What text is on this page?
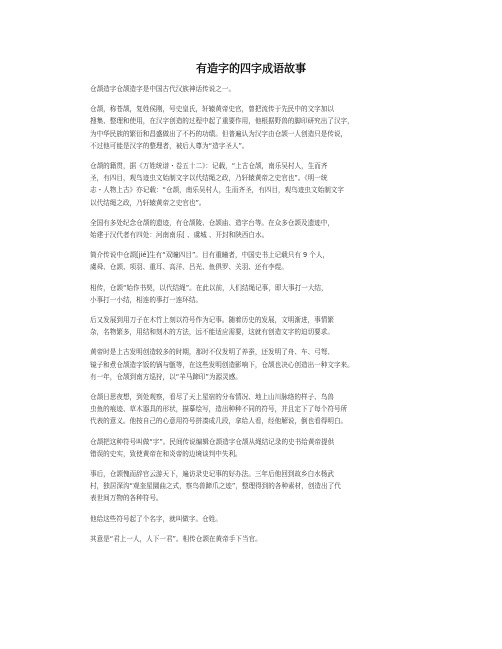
有造字的四字成语故事
仓颉造字仓颉造字是中国古代汉族神话传说之一。
仓颉，称苍颉，复姓侯刚，号史皇氏，轩辕黄帝史官，曾把流传于先民中的文字加以
搜集、整理和使用，在汉字创造的过程中起了重要作用，他根据野兽的脚印研究出了汉字，
为中华民族的繁衍和昌盛做出了不朽的功绩。但普遍认为汉字由仓颉一人创造只是传说，
不过他可能是汉字的整理者，被后人尊为“造字圣人”。
仓颉的籍贯，据《万姓统谱・卷五十二》：记载，“上古仓颉，南乐吴村人，生而齐
圣，有四目，观鸟迹虫文始制文字以代结绳之政，乃轩辕黄帝之史官也”。《明一统
志・人物上古》亦记载：“仓颉，南乐吴村人，生而齐圣，有四目，观鸟迹虫文始制文字
以代结绳之政，乃轩辕黄帝之史官也”。
全国有多处纪念仓颉的遗迹，有仓颉陵、仓颉庙、造字台等。在众多仓颉及遗迹中，
始建于汉代者有四处：河南南乐[ 、虞城 、开封和陕西白水。
简介传说中仓颉[jié]生有“双瞳四目”。目有重瞳者，中国史书上记载只有 9 个人，
虞舜、仓颉、项羽、重耳、高洋、吕光、鱼俱罗、关羽、还有李煜。
相传，仓颉“始作书契，以代结绳”。在此以前，人们结绳记事，即大事打一大结，
小事打一小结，相连的事打一连环结。
后又发展到用刀子在木竹上刻以符号作为记事。随着历史的发展，文明渐进，事情繁
杂，名物繁多，用结和刻木的方法，远不能适应需要，这就有创造文字的迫切要求。
黄帝时是上古发明创造较多的时期，那时不仅发明了养蚕，还发明了舟、车、弓弩、
镜子和煮仓颉造字饭的锅与甑等，在这些发明创造影响下，仓颉也决心创造出一种文字来。
有一年，仓颉到南方巡狩，以“羊马蹄印”为源灵感。
仓颉日思夜想，到处观察，看尽了天上星宿的分布情况、地上山川脉络的样子、鸟兽
虫鱼的痕迹、草木器具的形状，描摹绘写，造出种种不同的符号，并且定下了每个符号所
代表的意义。他按自己的心意用符号拼凑成几段，拿给人看，经他解说，倒也看得明白。
仓颉把这种符号叫做“字”。民间传说编辑仓颉造字仓颉从绳结记录的史书给黄帝提供
错误的史实，致使黄帝在和炎帝的边境谈判中失利。
事后，仓颉愧而辞官云游天下，遍访录史记事的好办法。三年后他回到故乡白水杨武
村，独居深沟“观奎星圜曲之式，察鸟兽蹄爪之迹”，整理得到的各种素材，创造出了代
表世间万物的各种符号。
他给这些符号起了个名字，就叫做字。仓姓。
其意是“君上一人，人下一君”。相传仓颉在黄帝手下当官。
